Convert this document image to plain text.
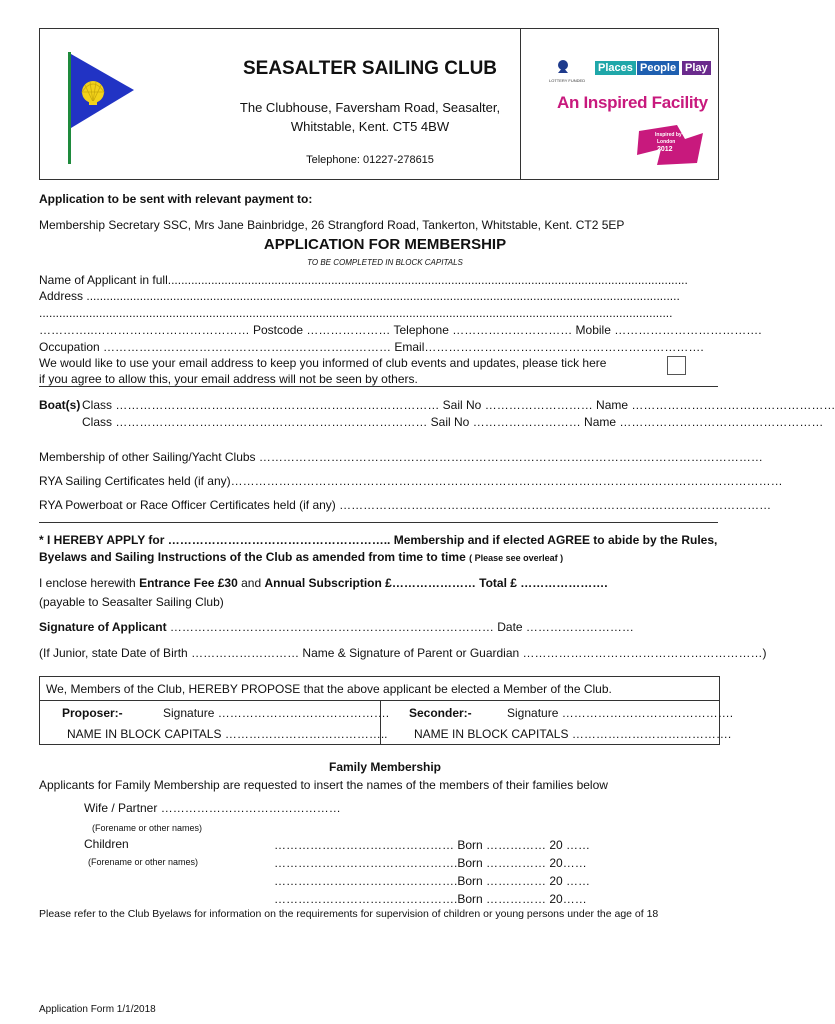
SEASALTER SAILING CLUB
The Clubhouse, Faversham Road, Seasalter,
Whitstable, Kent. CT5 4BW
Telephone: 01227-278615
LOTTERY FUNDED
Places People Play
An Inspired Facility
Inspired by
London
2012
Application to be sent with relevant payment to:
Membership Secretary SSC, Mrs Jane Bainbridge, 26 Strangford Road, Tankerton, Whitstable, Kent. CT2 5EP
APPLICATION FOR MEMBERSHIP
TO BE COMPLETED IN BLOCK CAPITALS
Name of Applicant in full............................................................................................................................................................
Address ..................................................................................................................................................................................
..............................................................................................................................................................................................
…………..………………………………… Postcode ………………… Telephone ………………………… Mobile ……………………………….
Occupation ……………………………………………………………… Email…………………………………………………………….
We would like to use your email address to keep you informed of club events and updates, please tick here
if you agree to allow this, your email address will not be seen by others.
Boat(s) Class ……………………………………………………………………… Sail No ……………………… Name ……………………………………………
Class …………………………………………………………………… Sail No ……………………… Name ……………………………………………
Membership of other Sailing/Yacht Clubs ………………………………………………………………………………………………………………
RYA Sailing Certificates held (if any)…………………………………………………………………………………………………………………………
RYA Powerboat or Race Officer Certificates held (if any) ………………………………………………………………………………………………
* I HEREBY APPLY for ……………………………………………….. Membership and if elected AGREE to abide by the Rules,
Byelaws and Sailing Instructions of the Club as amended from time to time ( Please see overleaf )
I enclose herewith Entrance Fee £30 and Annual Subscription £………………… Total £ ………………….
(payable to Seasalter Sailing Club)
Signature of Applicant ……………………………………………………………………… Date ………………………
(If Junior, state Date of Birth ……………………… Name & Signature of Parent or Guardian ……………………………………………………)
We, Members of the Club, HEREBY PROPOSE that the above applicant be elected a Member of the Club.
Proposer:-	Signature …………………………………….
NAME IN BLOCK CAPITALS …………………………………..
Seconder:-	Signature …………………………………….
NAME IN BLOCK CAPITALS ………………………………….
Family Membership
Applicants for Family Membership are requested to insert the names of the members of their families below
Wife / Partner ………………………………………
(Forename or other names)
Children
(Forename or other names)
……………………………………… Born …………… 20 ……
……………………………………….Born …………… 20……
……………………………………….Born …………… 20 ……
……………………………………….Born …………… 20……
Please refer to the Club Byelaws for information on the requirements for supervision of children or young persons under the age of 18
Application Form 1/1/2018
